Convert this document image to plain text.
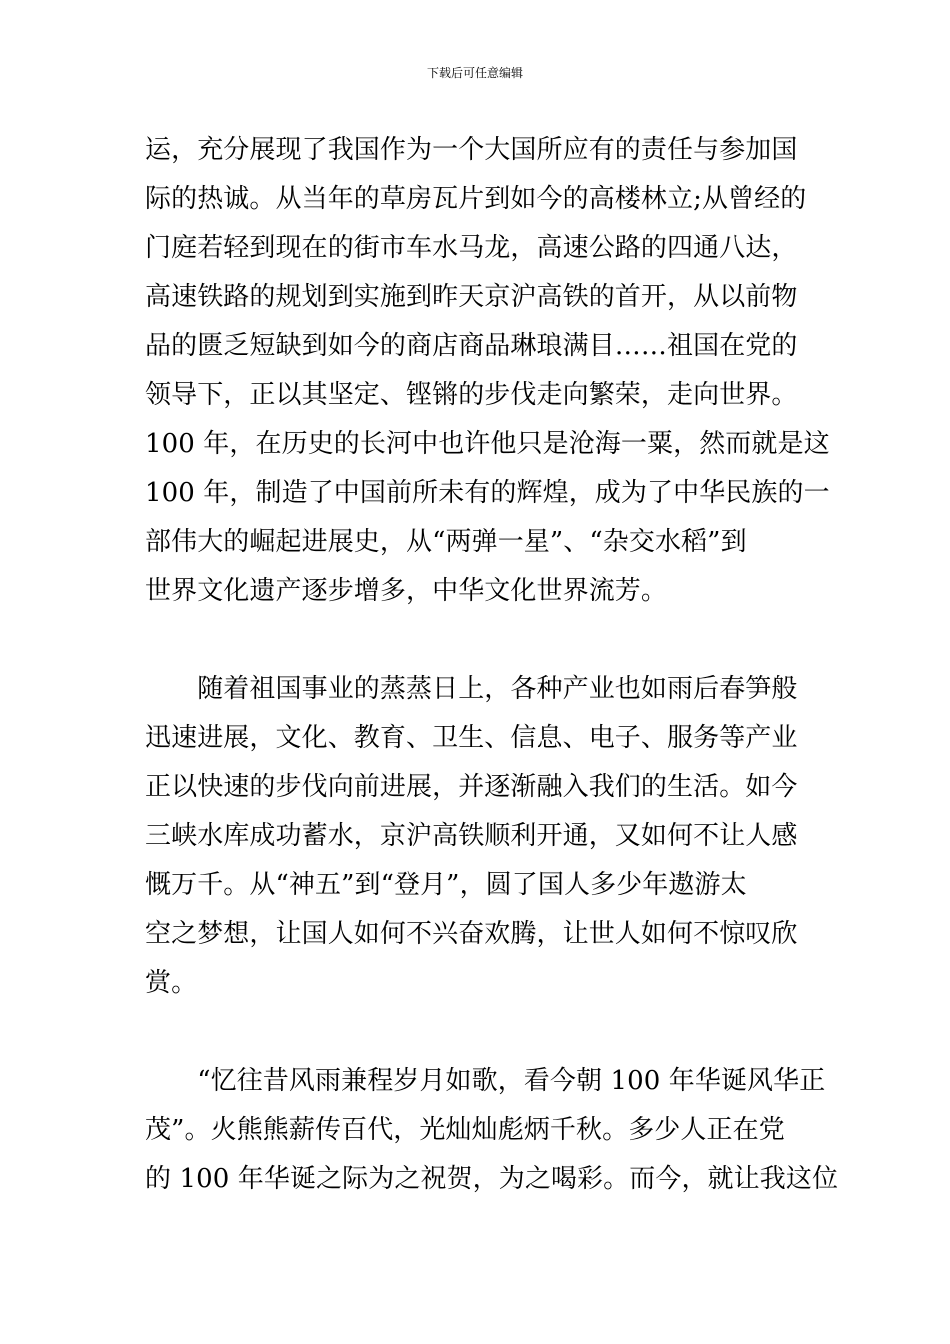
下载后可任意编辑
运，充分展现了我国作为一个大国所应有的责任与参加国
际的热诚。从当年的草房瓦片到如今的高楼林立;从曾经的
门庭若轻到现在的街市车水马龙，高速公路的四通八达，
高速铁路的规划到实施到昨天京沪高铁的首开，从以前物
品的匮乏短缺到如今的商店商品琳琅满目……祖国在党的
领导下，正以其坚定、铿锵的步伐走向繁荣，走向世界。
100 年，在历史的长河中也许他只是沧海一粟，然而就是这
100 年，制造了中国前所未有的辉煌，成为了中华民族的一
部伟大的崛起进展史，从“两弹一星”、“杂交水稻”到
世界文化遗产逐步增多，中华文化世界流芳。
　　随着祖国事业的蒸蒸日上，各种产业也如雨后春笋般
迅速进展，文化、教育、卫生、信息、电子、服务等产业
正以快速的步伐向前进展，并逐渐融入我们的生活。如今
三峡水库成功蓄水，京沪高铁顺利开通，又如何不让人感
慨万千。从“神五”到“登月”，圆了国人多少年遨游太
空之梦想，让国人如何不兴奋欢腾，让世人如何不惊叹欣
赏。
　　“忆往昔风雨兼程岁月如歌，看今朝 100 年华诞风华正
茂”。火熊熊薪传百代，光灿灿彪炳千秋。多少人正在党
的 100 年华诞之际为之祝贺，为之喝彩。而今，就让我这位
